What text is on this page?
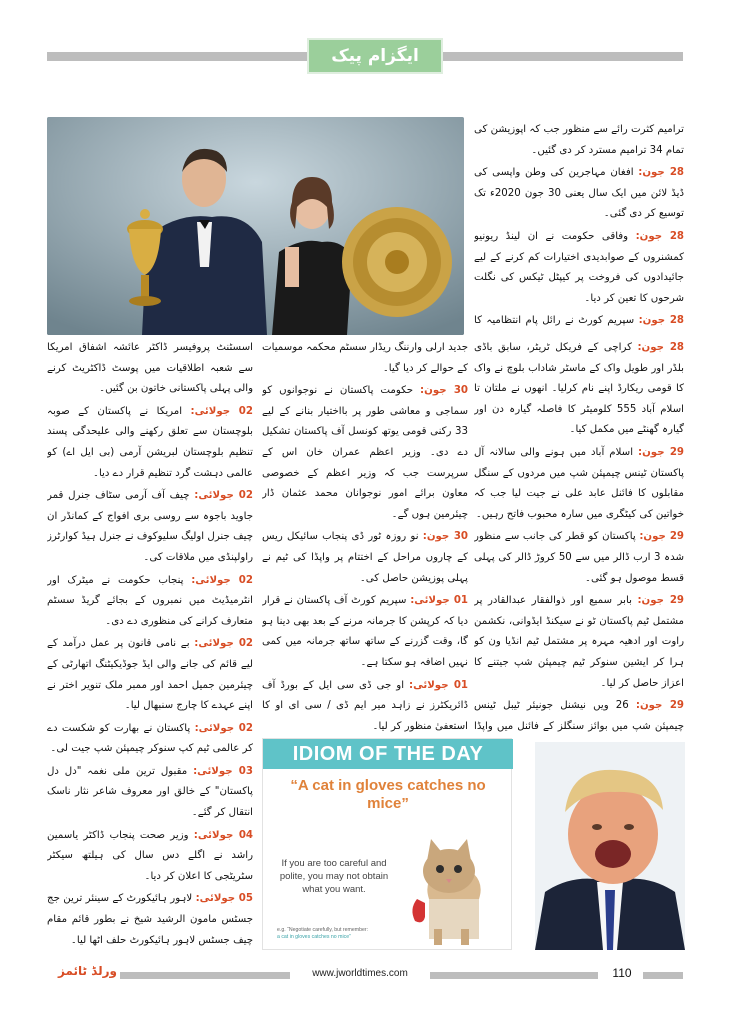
ایگزام پیک

ترامیم کثرت رائے سے منظور جب کہ اپوزیشن کی تمام 34 ترامیم مسترد کر دی گئیں۔

28 جون: افغان مہاجرین کی وطن واپسی کی ڈیڈ لائن میں ایک سال یعنی 30 جون 2020ء تک توسیع کر دی گئی۔

28 جون: وفاقی حکومت نے ان لینڈ ریونیو کمشنروں کے صوابدیدی اختیارات کم کرنے کے لیے جائیدادوں کی فروخت پر کیپٹل ٹیکس کی نگلت شرحوں کا تعین کر دیا۔

28 جون: سپریم کورٹ نے رائل پام انتظامیہ کا

28 جون: کراچی کے فریکل ٹریٹر، سابق باڈی بلڈر اور طویل واک کے ماسٹر شاداب بلوچ نے واک کا قومی ریکارڈ اپنے نام کرلیا۔ انھوں نے ملتان تا اسلام آباد 555 کلومیٹر کا فاصلہ گیارہ دن اور گیارہ گھنٹے میں مکمل کیا۔

29 جون: اسلام آباد میں ہونے والی سالانہ آل پاکستان ٹینس چیمپئن شپ میں مردوں کے سنگل مقابلوں کا فائنل عابد علی نے جیت لیا جب کہ خواتین کی کیٹگری میں سارہ محبوب فاتح رہیں۔

29 جون: پاکستان کو قطر کی جانب سے منظور شدہ 3 ارب ڈالر میں سے 50 کروڑ ڈالر کی پہلی قسط موصول ہو گئی۔

29 جون: بابر سمیع اور ذوالفقار عبدالقادر پر مشتمل ٹیم پاکستان ٹو نے سیکنڈ ایڈوانی، نکشمن راوت اور ادھیہ مہرہ پر مشتمل ٹیم انڈیا ون کو ہرا کر ایشین سنوکر ٹیم چیمپئن شپ جیتنے کا اعزاز حاصل کر لیا۔

29 جون: 26 ویں نیشنل جونیئر ٹیبل ٹینس چیمپئن شپ میں بوائز سنگلز کے فائنل میں واپڈا

جدید ارلی وارننگ ریڈار سسٹم محکمہ موسمیات کے حوالے کر دیا گیا۔

30 جون: حکومت پاکستان نے نوجوانوں کو سماجی و معاشی طور پر بااختیار بنانے کے لیے 33 رکنی قومی یوتھ کونسل آف پاکستان تشکیل دے دی۔ وزیر اعظم عمران خان اس کے سرپرست جب کہ وزیر اعظم کے خصوصی معاون برائے امور نوجوانان محمد عثمان ڈار چیئرمین ہوں گے۔

30 جون: نو روزہ ٹور ڈی پنجاب سائیکل ریس کے چاروں مراحل کے اختتام پر واپڈا کی ٹیم نے پہلی پوزیشن حاصل کی۔

01 جولائی: سپریم کورٹ آف پاکستان نے قرار دیا کہ کرپشن کا جرمانہ مرنے کے بعد بھی دینا ہو گا، وقت گزرنے کے ساتھ ساتھ جرمانہ میں کمی نہیں اضافہ ہو سکتا ہے۔

01 جولائی: او جی ڈی سی ایل کے بورڈ آف ڈائریکٹرز نے زاہد میر ایم ڈی / سی ای او کا استعفیٰ منظور کر لیا۔

اسسٹنٹ پروفیسر ڈاکٹر عائشہ اشفاق امریکا سے شعبہ اطلاقیات میں پوسٹ ڈاکٹریٹ کرنے والی پہلی پاکستانی خاتون بن گئیں۔

02 جولائی: امریکا نے پاکستان کے صوبہ بلوچستان سے تعلق رکھنے والی علیحدگی پسند تنظیم بلوچستان لبریشن آرمی (بی ایل اے) کو عالمی دہشت گرد تنظیم قرار دے دیا۔

02 جولائی: چیف آف آرمی سٹاف جنرل قمر جاوید باجوہ سے روسی بری افواج کے کمانڈر ان چیف جنرل اولیگ سلیوکوف نے جنرل ہیڈ کوارٹرز راولپنڈی میں ملاقات کی۔

02 جولائی: پنجاب حکومت نے میٹرک اور انٹرمیڈیٹ میں نمبروں کے بجائے گریڈ سسٹم متعارف کرانے کی منظوری دے دی۔

02 جولائی: بے نامی قانون پر عمل درآمد کے لیے قائم کی جانے والی ایڈ جوڈیکیٹنگ اتھارٹی کے چیئرمین جمیل احمد اور ممبر ملک تنویر اختر نے اپنے عہدے کا چارج سنبھال لیا۔

02 جولائی: پاکستان نے بھارت کو شکست دے کر عالمی ٹیم کپ سنوکر چیمپئن شپ جیت لی۔

03 جولائی: مقبول ترین ملی نغمہ "دل دل پاکستان" کے خالق اور معروف شاعر نثار ناسک انتقال کر گئے۔

04 جولائی: وزیر صحت پنجاب ڈاکٹر یاسمین راشد نے اگلے دس سال کی ہیلتھ سیکٹر سٹریٹجی کا اعلان کر دیا۔

05 جولائی: لاہور ہائیکورٹ کے سینئر ترین جج جسٹس مامون الرشید شیخ نے بطور قائم مقام چیف جسٹس لاہور ہائیکورٹ حلف اٹھا لیا۔

IDIOM OF THE DAY
“A cat in gloves catches no mice”
If you are too careful and polite, you may not obtain what you want.
e.g. “Negotiate carefully, but remember:
a cat in gloves catches no mice”
ورلڈ ٹائمز	www.jworldtimes.com	110
